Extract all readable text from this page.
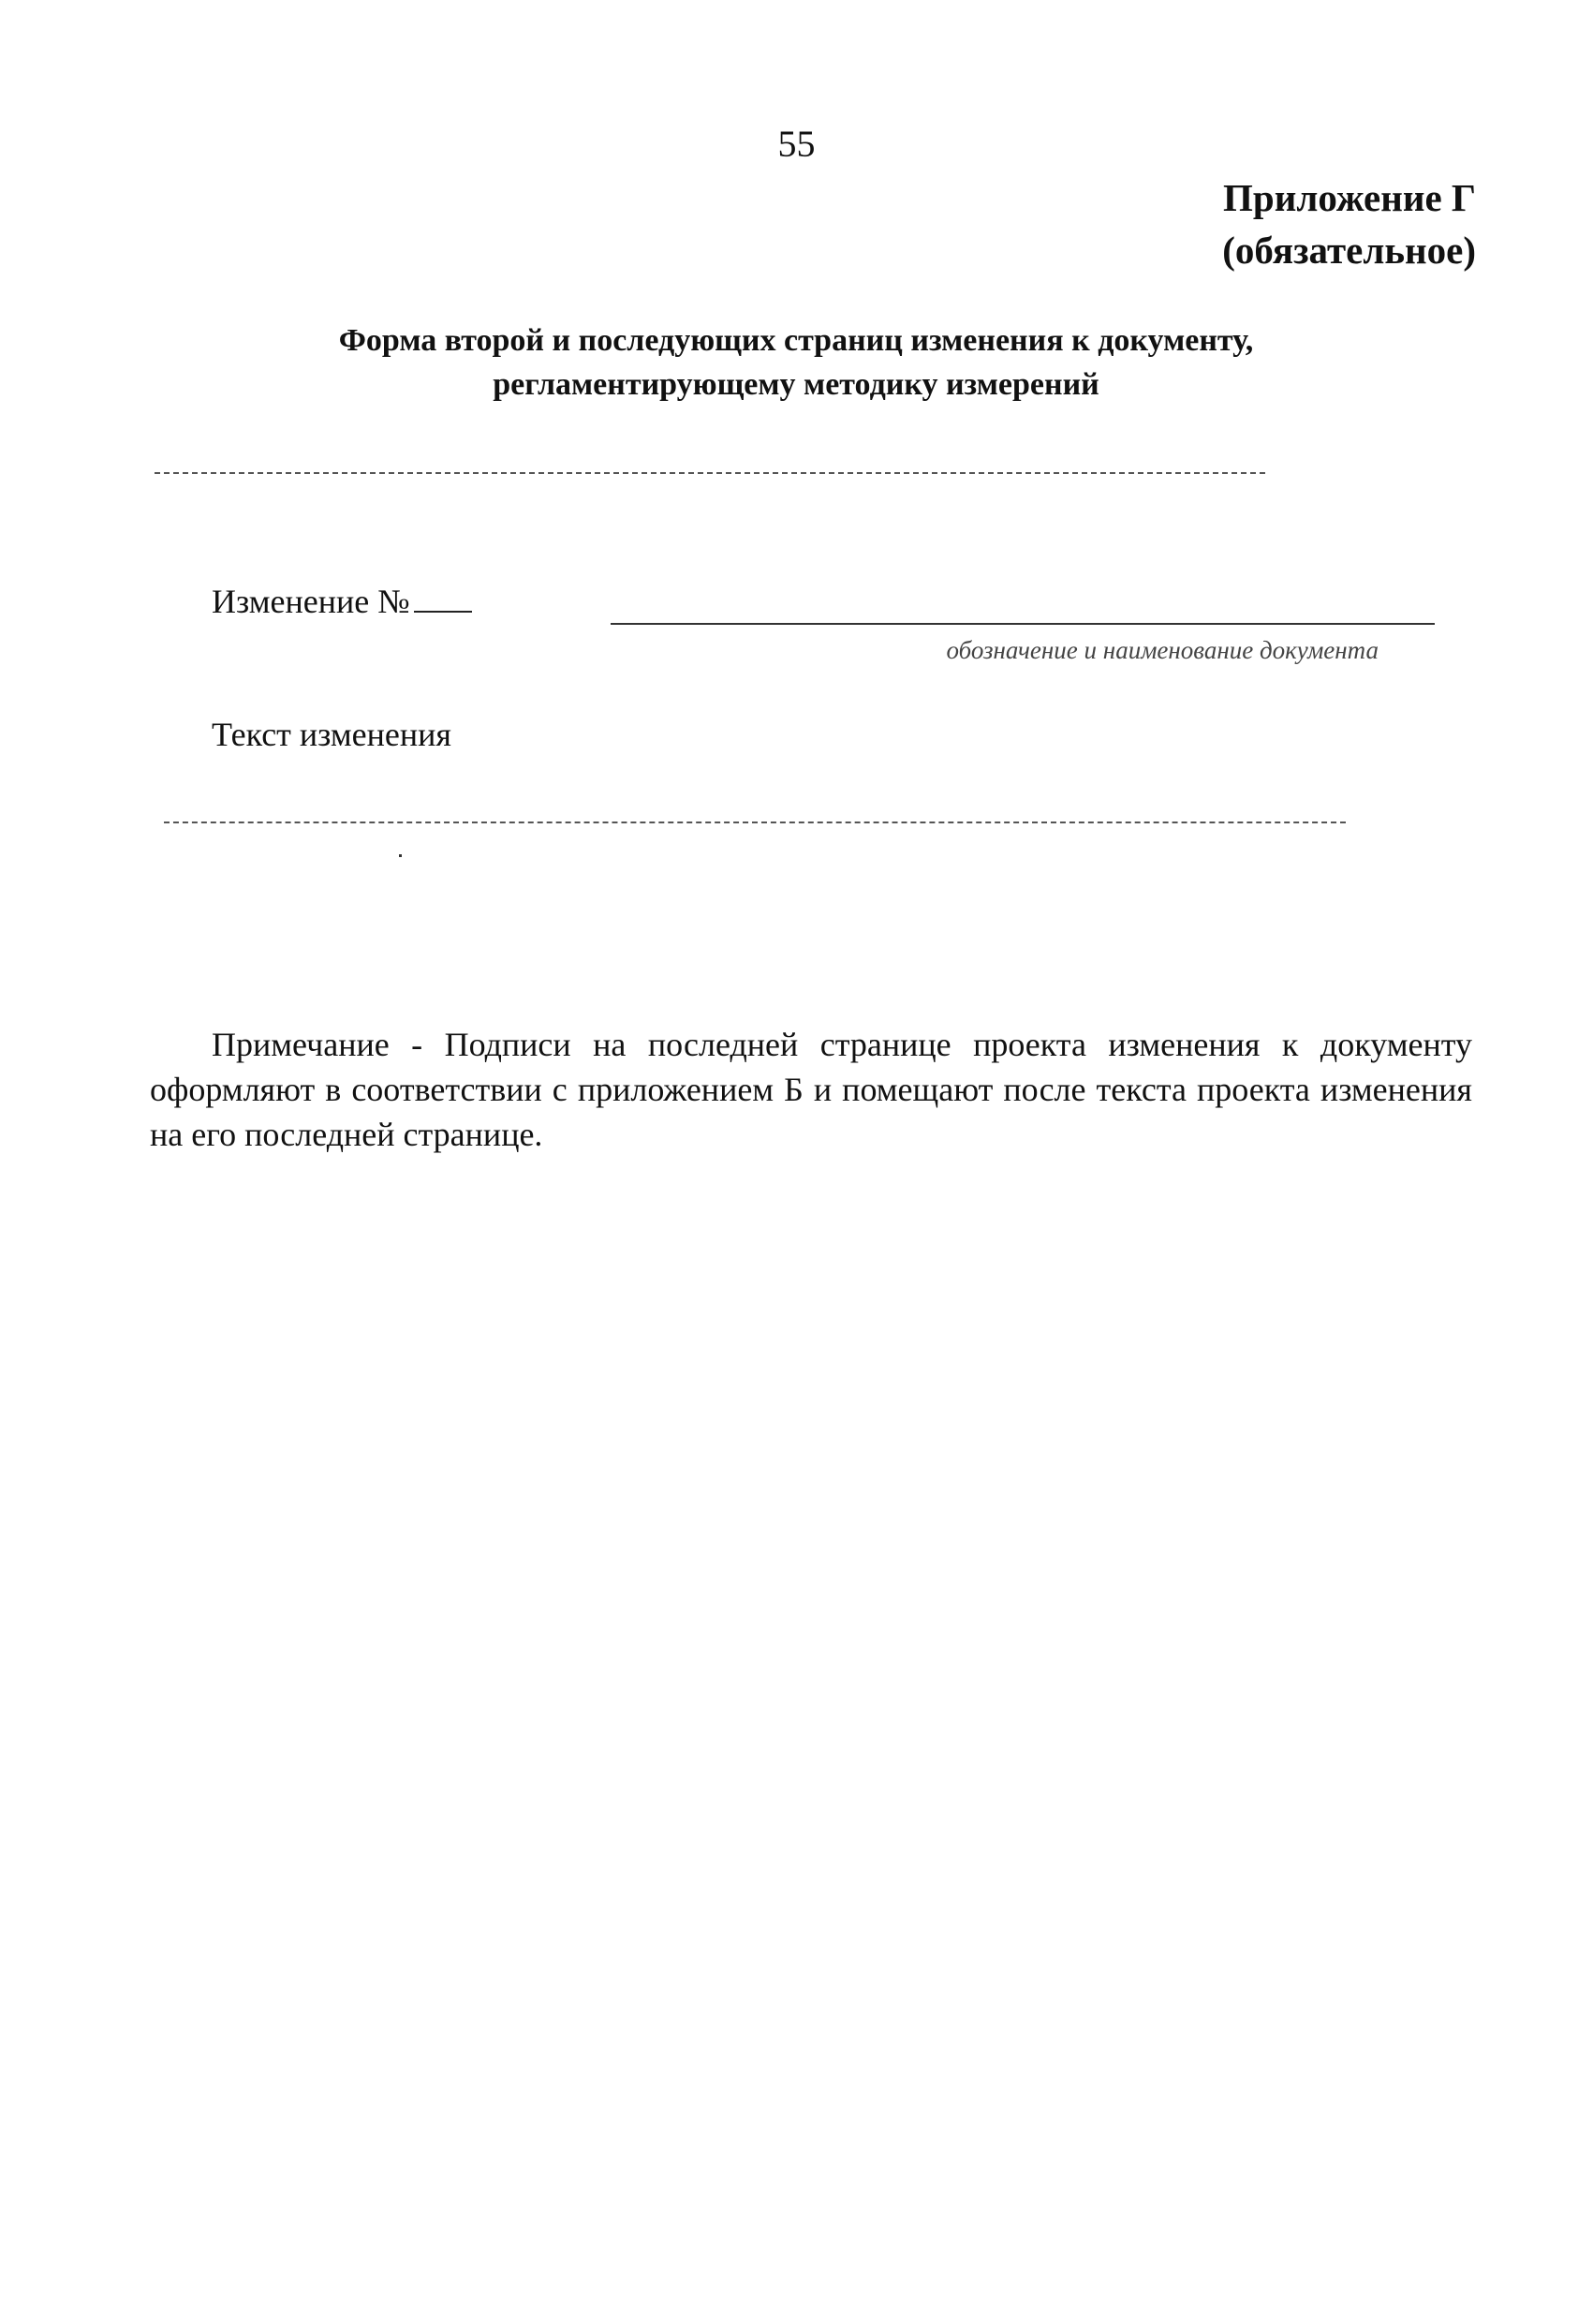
55
Приложение Г
(обязательное)
Форма второй и последующих страниц изменения к документу,
регламентирующему методику измерений
Изменение №
обозначение и наименование документа
Текст изменения
Примечание - Подписи на последней странице проекта изменения к документу оформляют в соответствии с приложением Б и помещают после текста проекта изменения на его последней странице.
